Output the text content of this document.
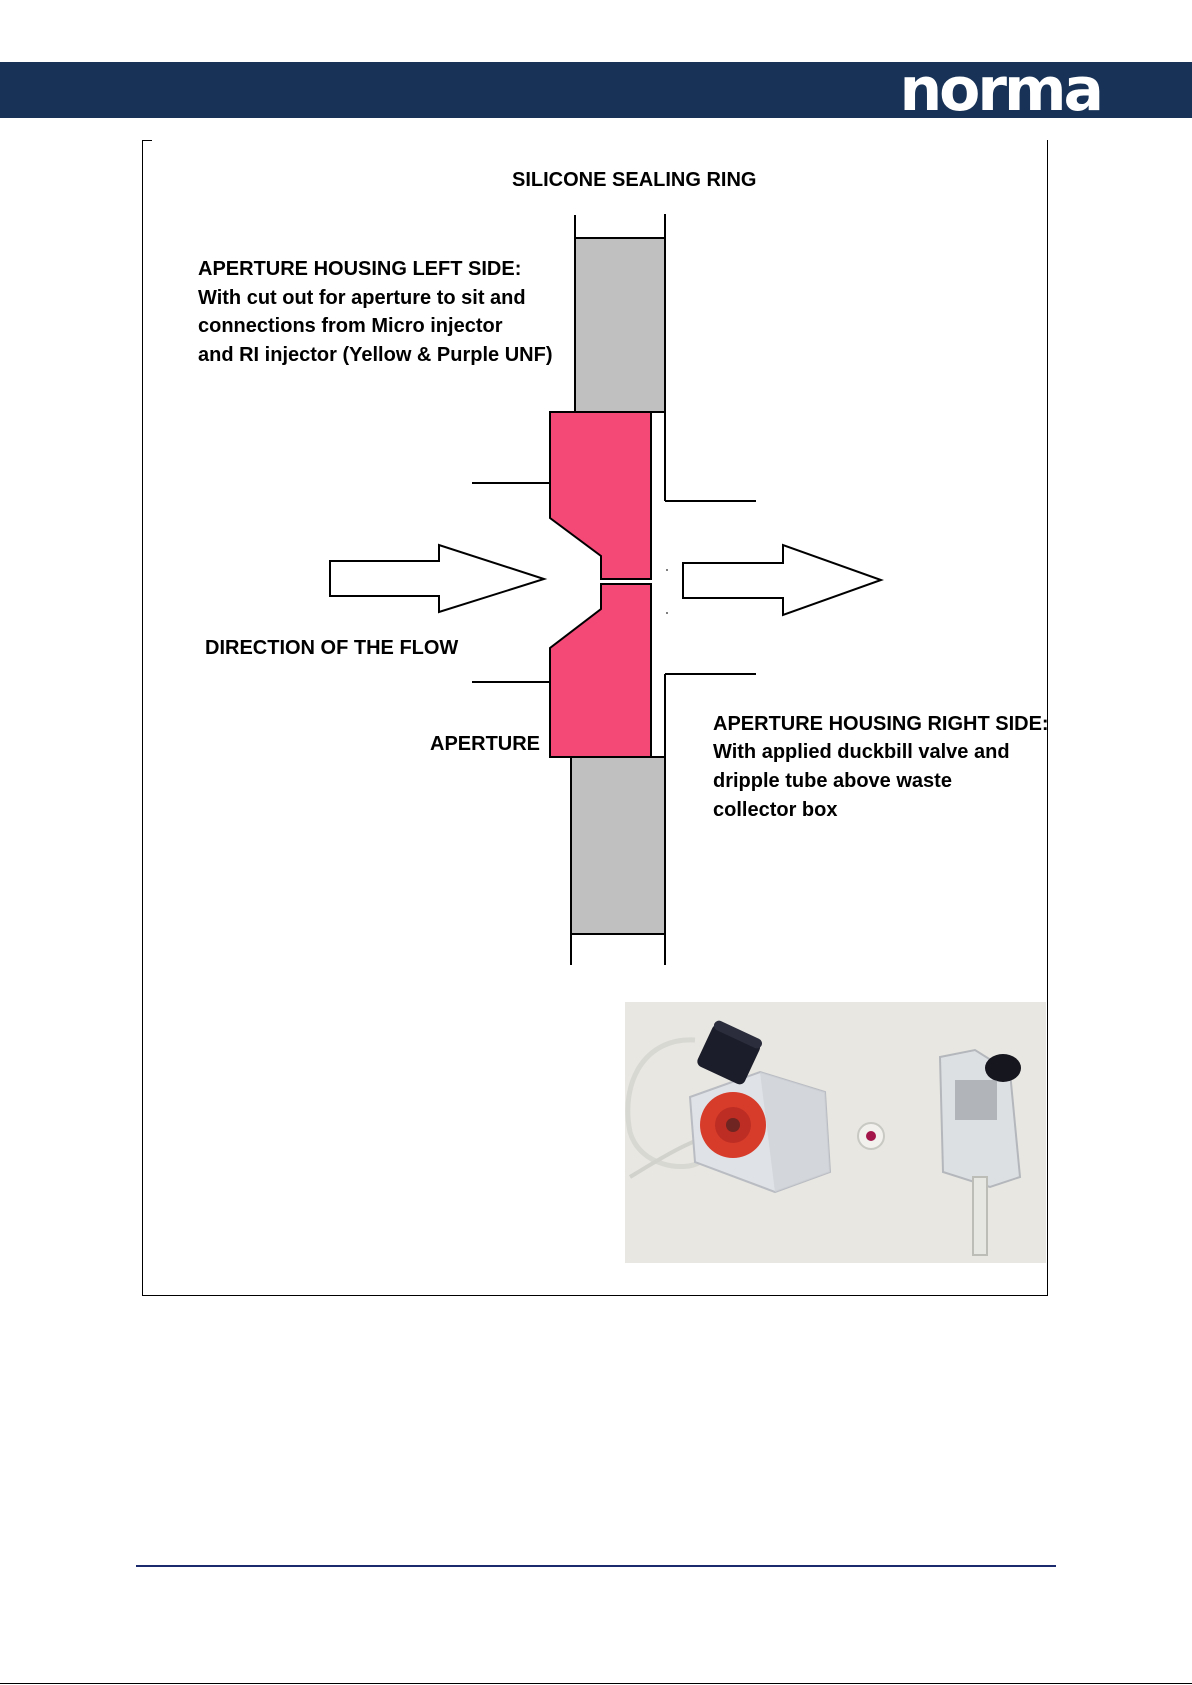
norma
SILICONE SEALING RING
APERTURE HOUSING LEFT SIDE:
With cut out for aperture to sit and
connections from Micro injector
and RI injector (Yellow & Purple UNF)
DIRECTION OF THE FLOW
APERTURE
APERTURE HOUSING RIGHT SIDE:
With applied duckbill valve and
dripple tube above waste
collector box
